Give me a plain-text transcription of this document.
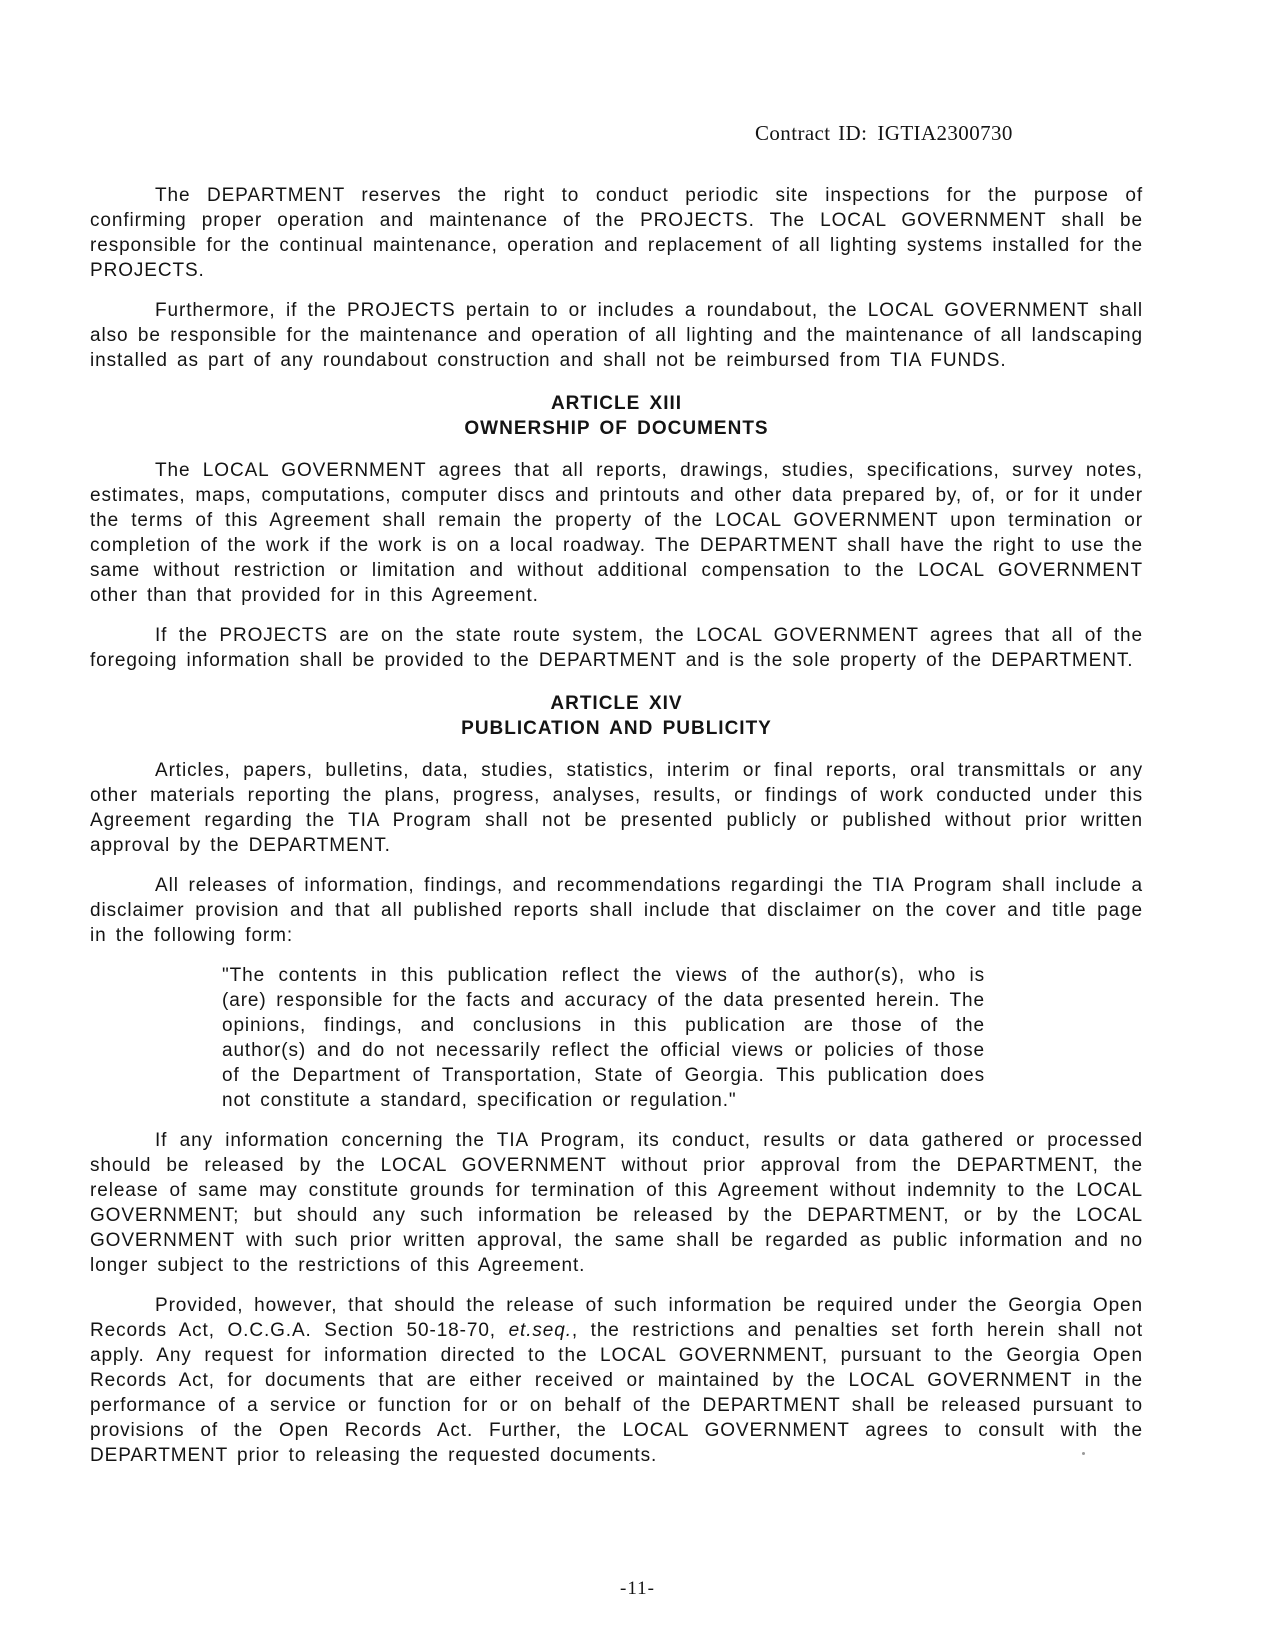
Contract ID: IGTIA2300730

The DEPARTMENT reserves the right to conduct periodic site inspections for the purpose of confirming proper operation and maintenance of the PROJECTS. The LOCAL GOVERNMENT shall be responsible for the continual maintenance, operation and replacement of all lighting systems installed for the PROJECTS.

Furthermore, if the PROJECTS pertain to or includes a roundabout, the LOCAL GOVERNMENT shall also be responsible for the maintenance and operation of all lighting and the maintenance of all landscaping installed as part of any roundabout construction and shall not be reimbursed from TIA FUNDS.

ARTICLE XIII
OWNERSHIP OF DOCUMENTS

The LOCAL GOVERNMENT agrees that all reports, drawings, studies, specifications, survey notes, estimates, maps, computations, computer discs and printouts and other data prepared by, of, or for it under the terms of this Agreement shall remain the property of the LOCAL GOVERNMENT upon termination or completion of the work if the work is on a local roadway. The DEPARTMENT shall have the right to use the same without restriction or limitation and without additional compensation to the LOCAL GOVERNMENT other than that provided for in this Agreement.

If the PROJECTS are on the state route system, the LOCAL GOVERNMENT agrees that all of the foregoing information shall be provided to the DEPARTMENT and is the sole property of the DEPARTMENT.

ARTICLE XIV
PUBLICATION AND PUBLICITY

Articles, papers, bulletins, data, studies, statistics, interim or final reports, oral transmittals or any other materials reporting the plans, progress, analyses, results, or findings of work conducted under this Agreement regarding the TIA Program shall not be presented publicly or published without prior written approval by the DEPARTMENT.

All releases of information, findings, and recommendations regardingi the TIA Program shall include a disclaimer provision and that all published reports shall include that disclaimer on the cover and title page in the following form:

"The contents in this publication reflect the views of the author(s), who is (are) responsible for the facts and accuracy of the data presented herein. The opinions, findings, and conclusions in this publication are those of the author(s) and do not necessarily reflect the official views or policies of those of the Department of Transportation, State of Georgia. This publication does not constitute a standard, specification or regulation."

If any information concerning the TIA Program, its conduct, results or data gathered or processed should be released by the LOCAL GOVERNMENT without prior approval from the DEPARTMENT, the release of same may constitute grounds for termination of this Agreement without indemnity to the LOCAL GOVERNMENT; but should any such information be released by the DEPARTMENT, or by the LOCAL GOVERNMENT with such prior written approval, the same shall be regarded as public information and no longer subject to the restrictions of this Agreement.

Provided, however, that should the release of such information be required under the Georgia Open Records Act, O.C.G.A. Section 50-18-70, et.seq., the restrictions and penalties set forth herein shall not apply. Any request for information directed to the LOCAL GOVERNMENT, pursuant to the Georgia Open Records Act, for documents that are either received or maintained by the LOCAL GOVERNMENT in the performance of a service or function for or on behalf of the DEPARTMENT shall be released pursuant to provisions of the Open Records Act. Further, the LOCAL GOVERNMENT agrees to consult with the DEPARTMENT prior to releasing the requested documents.

-11-
